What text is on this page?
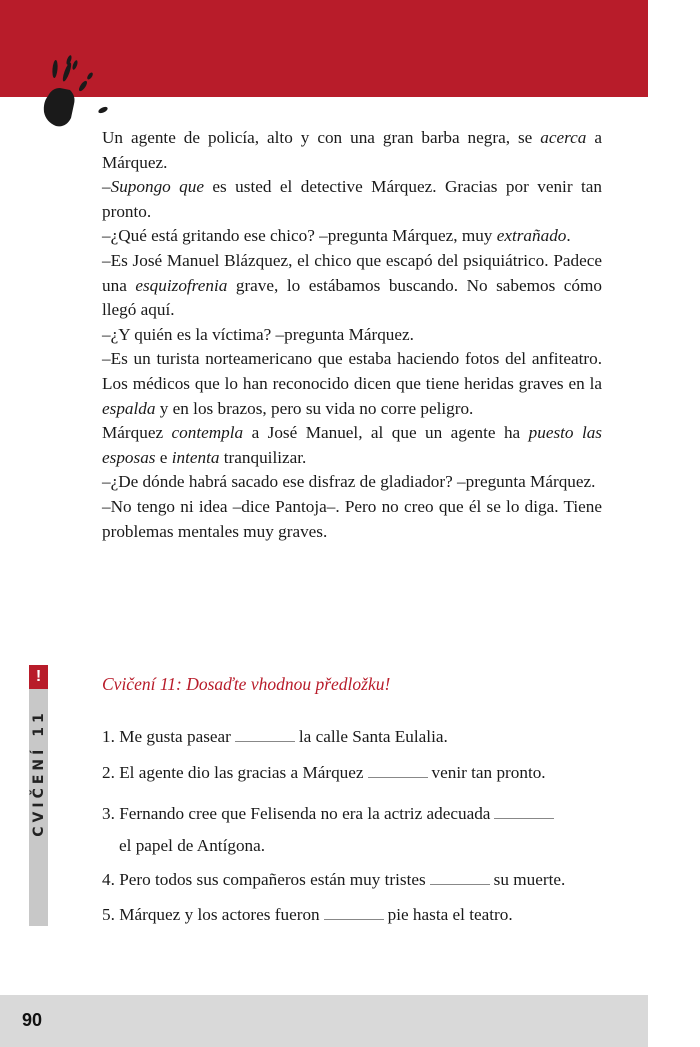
Un agente de policía, alto y con una gran barba negra, se acerca a Márquez.

–Supongo que es usted el detective Márquez. Gracias por venir tan pronto.

–¿Qué está gritando ese chico? –pregunta Márquez, muy extrañado.

–Es José Manuel Blázquez, el chico que escapó del psiquiátrico. Padece una esquizofrenia grave, lo estábamos buscando. No sabemos cómo llegó aquí.

–¿Y quién es la víctima? –pregunta Márquez.

–Es un turista norteamericano que estaba haciendo fotos del anfiteatro. Los médicos que lo han reconocido dicen que tiene heridas graves en la espalda y en los brazos, pero su vida no corre peligro.

Márquez contempla a José Manuel, al que un agente ha puesto las esposas e intenta tranquilizar.

–¿De dónde habrá sacado ese disfraz de gladiador? –pregunta Márquez.

–No tengo ni idea –dice Pantoja–. Pero no creo que él se lo diga. Tiene problemas mentales muy graves.

!
CVIČENÍ 11
Cvičení 11: Dosaďte vhodnou předložku!
1. Me gusta pasear	la calle Santa Eulalia.
2. El agente dio las gracias a Márquez	venir tan pronto.
3. Fernando cree que Felisenda no era la actriz adecuada
el papel de Antígona.
4. Pero todos sus compañeros están muy tristes	su muerte.
5. Márquez y los actores fueron	pie hasta el teatro.
90
